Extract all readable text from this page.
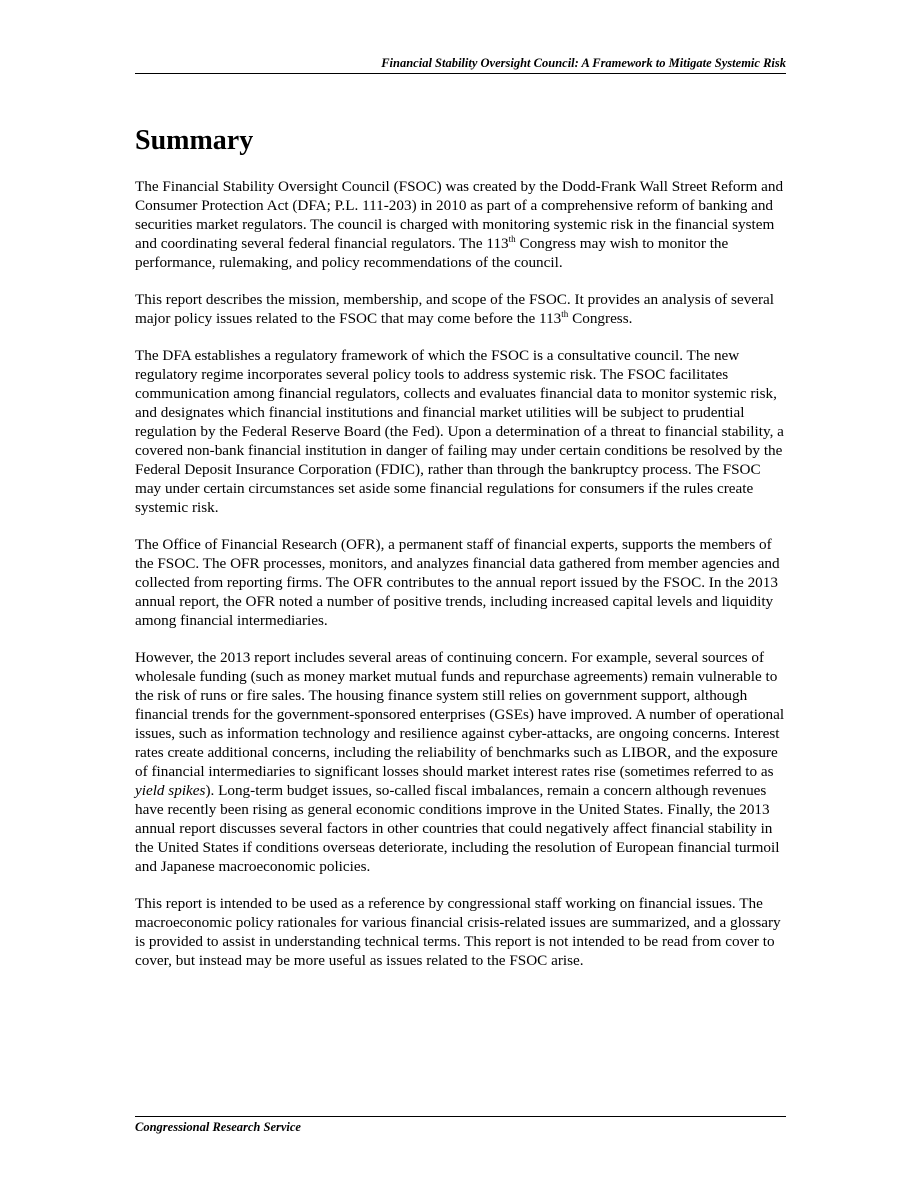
Financial Stability Oversight Council: A Framework to Mitigate Systemic Risk
Summary

The Financial Stability Oversight Council (FSOC) was created by the Dodd-Frank Wall Street Reform and Consumer Protection Act (DFA; P.L. 111-203) in 2010 as part of a comprehensive reform of banking and securities market regulators. The council is charged with monitoring systemic risk in the financial system and coordinating several federal financial regulators. The 113th Congress may wish to monitor the performance, rulemaking, and policy recommendations of the council.

This report describes the mission, membership, and scope of the FSOC. It provides an analysis of several major policy issues related to the FSOC that may come before the 113th Congress.

The DFA establishes a regulatory framework of which the FSOC is a consultative council. The new regulatory regime incorporates several policy tools to address systemic risk. The FSOC facilitates communication among financial regulators, collects and evaluates financial data to monitor systemic risk, and designates which financial institutions and financial market utilities will be subject to prudential regulation by the Federal Reserve Board (the Fed). Upon a determination of a threat to financial stability, a covered non-bank financial institution in danger of failing may under certain conditions be resolved by the Federal Deposit Insurance Corporation (FDIC), rather than through the bankruptcy process. The FSOC may under certain circumstances set aside some financial regulations for consumers if the rules create systemic risk.

The Office of Financial Research (OFR), a permanent staff of financial experts, supports the members of the FSOC. The OFR processes, monitors, and analyzes financial data gathered from member agencies and collected from reporting firms. The OFR contributes to the annual report issued by the FSOC. In the 2013 annual report, the OFR noted a number of positive trends, including increased capital levels and liquidity among financial intermediaries.

However, the 2013 report includes several areas of continuing concern. For example, several sources of wholesale funding (such as money market mutual funds and repurchase agreements) remain vulnerable to the risk of runs or fire sales. The housing finance system still relies on government support, although financial trends for the government-sponsored enterprises (GSEs) have improved. A number of operational issues, such as information technology and resilience against cyber-attacks, are ongoing concerns. Interest rates create additional concerns, including the reliability of benchmarks such as LIBOR, and the exposure of financial intermediaries to significant losses should market interest rates rise (sometimes referred to as yield spikes). Long-term budget issues, so-called fiscal imbalances, remain a concern although revenues have recently been rising as general economic conditions improve in the United States. Finally, the 2013 annual report discusses several factors in other countries that could negatively affect financial stability in the United States if conditions overseas deteriorate, including the resolution of European financial turmoil and Japanese macroeconomic policies.

This report is intended to be used as a reference by congressional staff working on financial issues. The macroeconomic policy rationales for various financial crisis-related issues are summarized, and a glossary is provided to assist in understanding technical terms. This report is not intended to be read from cover to cover, but instead may be more useful as issues related to the FSOC arise.

Congressional Research Service
